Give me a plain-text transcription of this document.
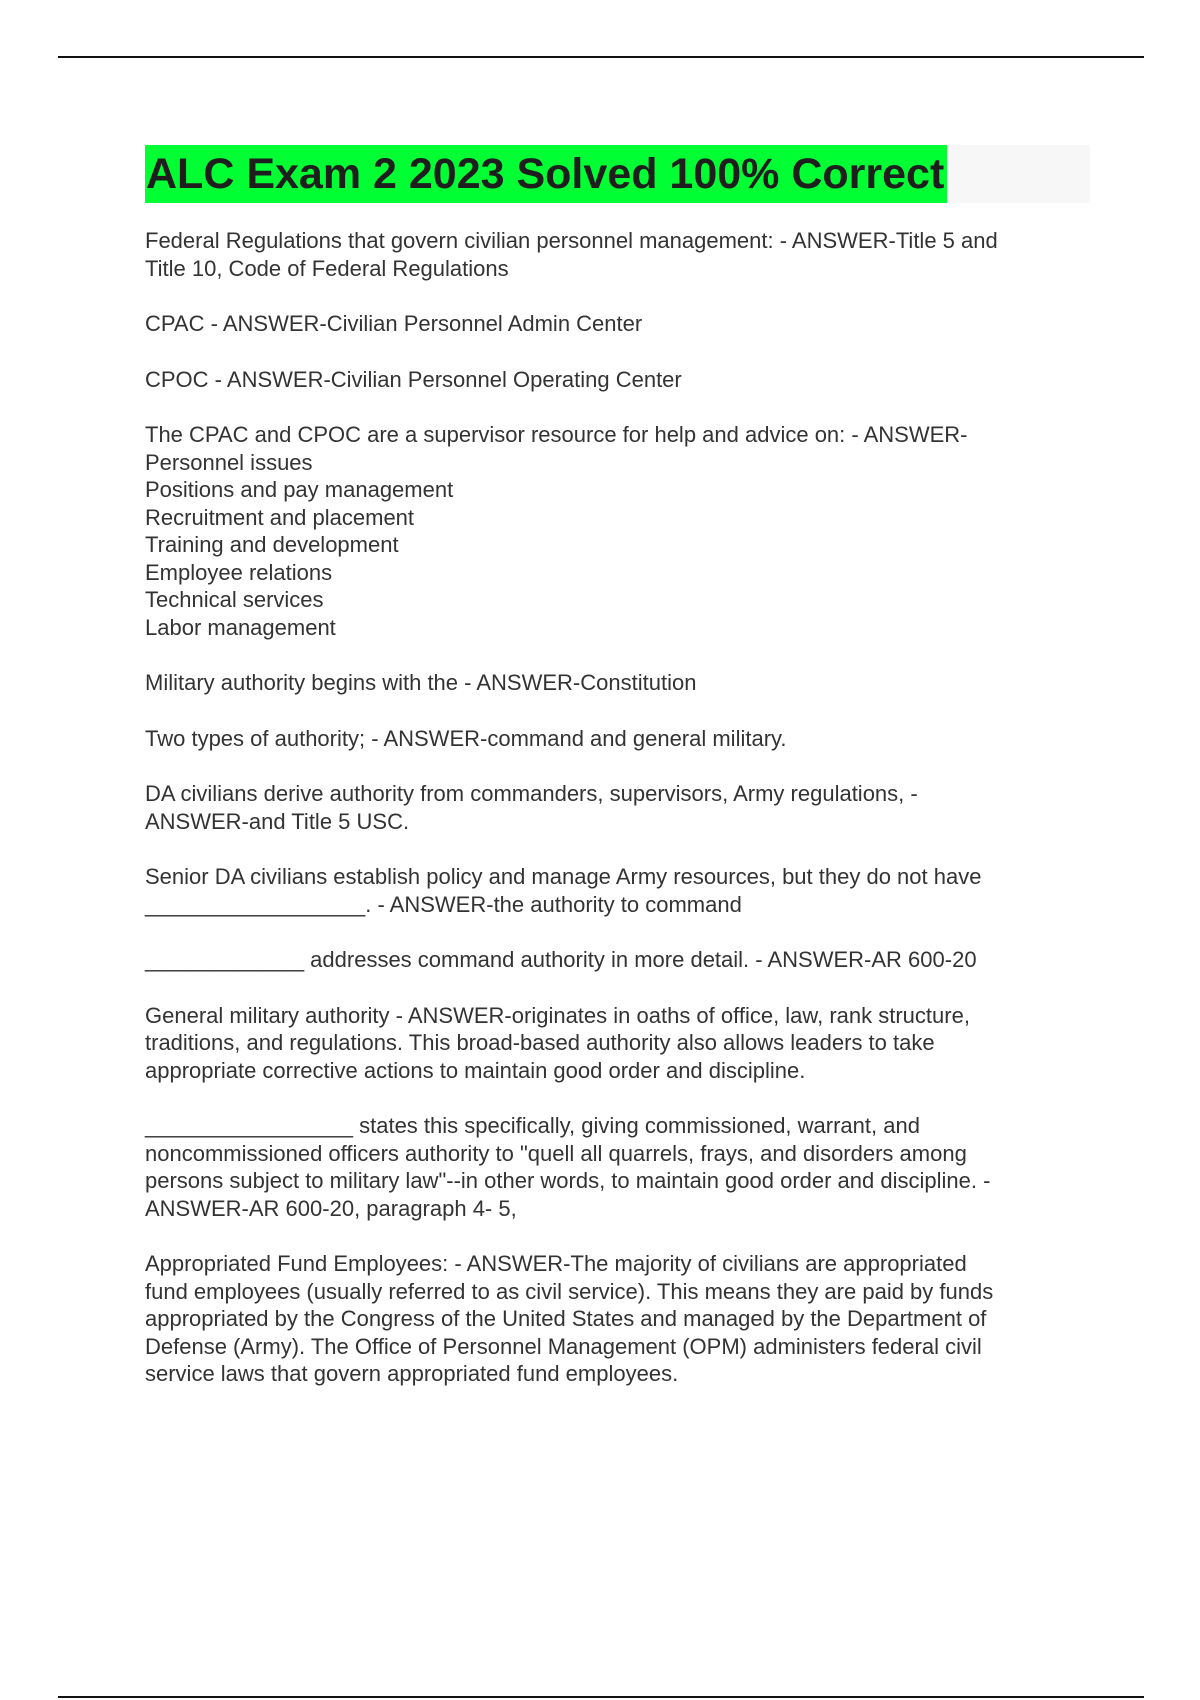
ALC Exam 2 2023 Solved 100% Correct

Federal Regulations that govern civilian personnel management: - ANSWER-Title 5 and
Title 10, Code of Federal Regulations

CPAC - ANSWER-Civilian Personnel Admin Center

CPOC - ANSWER-Civilian Personnel Operating Center

The CPAC and CPOC are a supervisor resource for help and advice on: - ANSWER-
Personnel issues
Positions and pay management
Recruitment and placement
Training and development
Employee relations
Technical services
Labor management

Military authority begins with the - ANSWER-Constitution

Two types of authority; - ANSWER-command and general military.

DA civilians derive authority from commanders, supervisors, Army regulations, -
ANSWER-and Title 5 USC.

Senior DA civilians establish policy and manage Army resources, but they do not have
__________________. - ANSWER-the authority to command

_____________ addresses command authority in more detail. - ANSWER-AR 600-20

General military authority - ANSWER-originates in oaths of office, law, rank structure,
traditions, and regulations. This broad-based authority also allows leaders to take
appropriate corrective actions to maintain good order and discipline.

_________________ states this specifically, giving commissioned, warrant, and
noncommissioned officers authority to "quell all quarrels, frays, and disorders among
persons subject to military law"--in other words, to maintain good order and discipline. -
ANSWER-AR 600-20, paragraph 4- 5,

Appropriated Fund Employees: - ANSWER-The majority of civilians are appropriated
fund employees (usually referred to as civil service). This means they are paid by funds
appropriated by the Congress of the United States and managed by the Department of
Defense (Army). The Office of Personnel Management (OPM) administers federal civil
service laws that govern appropriated fund employees.
